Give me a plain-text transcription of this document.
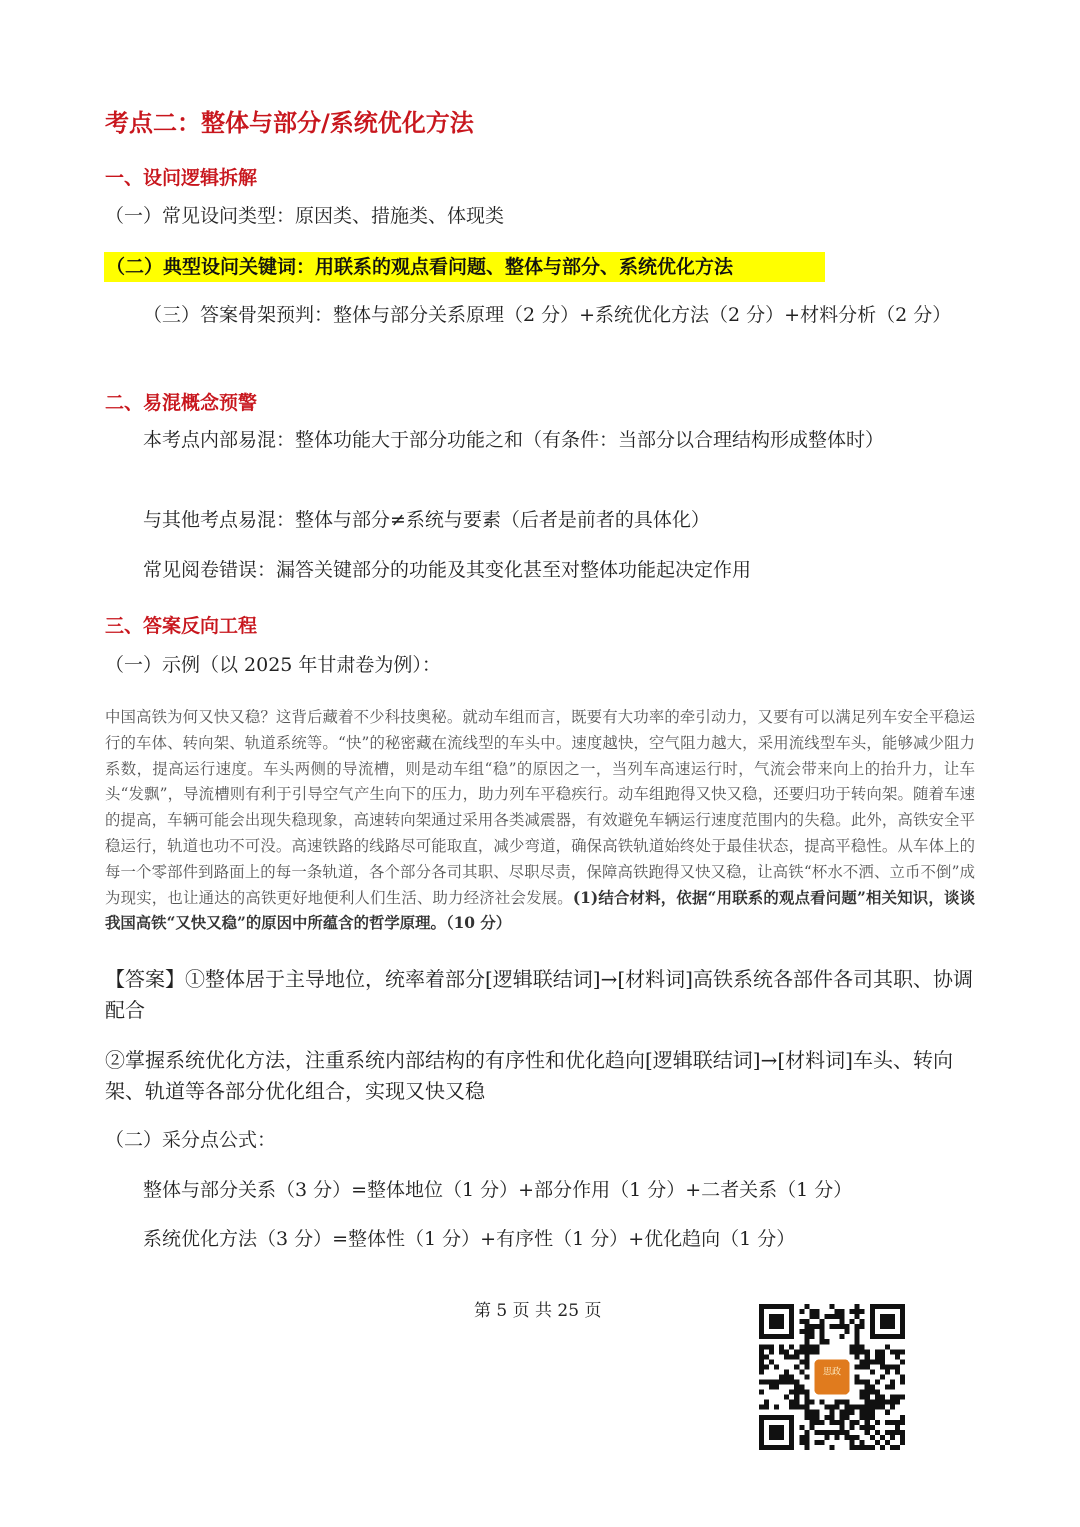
考点二：整体与部分/系统优化方法
一、设问逻辑拆解

（一）常见设问类型：原因类、措施类、体现类

（二）典型设问关键词：用联系的观点看问题、整体与部分、系统优化方法

（三）答案骨架预判：整体与部分关系原理（2 分）+系统优化方法（2 分）+材料分析（2 分）

二、易混概念预警

本考点内部易混：整体功能大于部分功能之和（有条件：当部分以合理结构形成整体时）

与其他考点易混：整体与部分≠系统与要素（后者是前者的具体化）

常见阅卷错误：漏答关键部分的功能及其变化甚至对整体功能起决定作用

三、答案反向工程

（一）示例（以 2025 年甘肃卷为例）：

中国高铁为何又快又稳？这背后藏着不少科技奥秘。就动车组而言，既要有大功率的牵引动力，又要有可以满足列车安全平稳运行的车体、转向架、轨道系统等。“快”的秘密藏在流线型的车头中。速度越快，空气阻力越大，采用流线型车头，能够减少阻力系数，提高运行速度。车头两侧的导流槽，则是动车组“稳”的原因之一，当列车高速运行时，气流会带来向上的抬升力，让车头“发飘”，导流槽则有利于引导空气产生向下的压力，助力列车平稳疾行。动车组跑得又快又稳，还要归功于转向架。随着车速的提高，车辆可能会出现失稳现象，高速转向架通过采用各类减震器，有效避免车辆运行速度范围内的失稳。此外，高铁安全平稳运行，轨道也功不可没。高速铁路的线路尽可能取直，减少弯道，确保高铁轨道始终处于最佳状态，提高平稳性。从车体上的每一个零部件到路面上的每一条轨道，各个部分各司其职、尽职尽责，保障高铁跑得又快又稳，让高铁“杯水不洒、立币不倒”成为现实，也让通达的高铁更好地便利人们生活、助力经济社会发展。(1)结合材料，依据“用联系的观点看问题”相关知识，谈谈我国高铁“又快又稳”的原因中所蕴含的哲学原理。（10 分）

【答案】①整体居于主导地位，统率着部分[逻辑联结词]→[材料词]高铁系统各部件各司其职、协调配合

②掌握系统优化方法，注重系统内部结构的有序性和优化趋向[逻辑联结词]→[材料词]车头、转向架、轨道等各部分优化组合，实现又快又稳

（二）采分点公式：

整体与部分关系（3 分）=整体地位（1 分）+部分作用（1 分）+二者关系（1 分）

系统优化方法（3 分）=整体性（1 分）+有序性（1 分）+优化趋向（1 分）

第 5 页 共 25 页

思政
